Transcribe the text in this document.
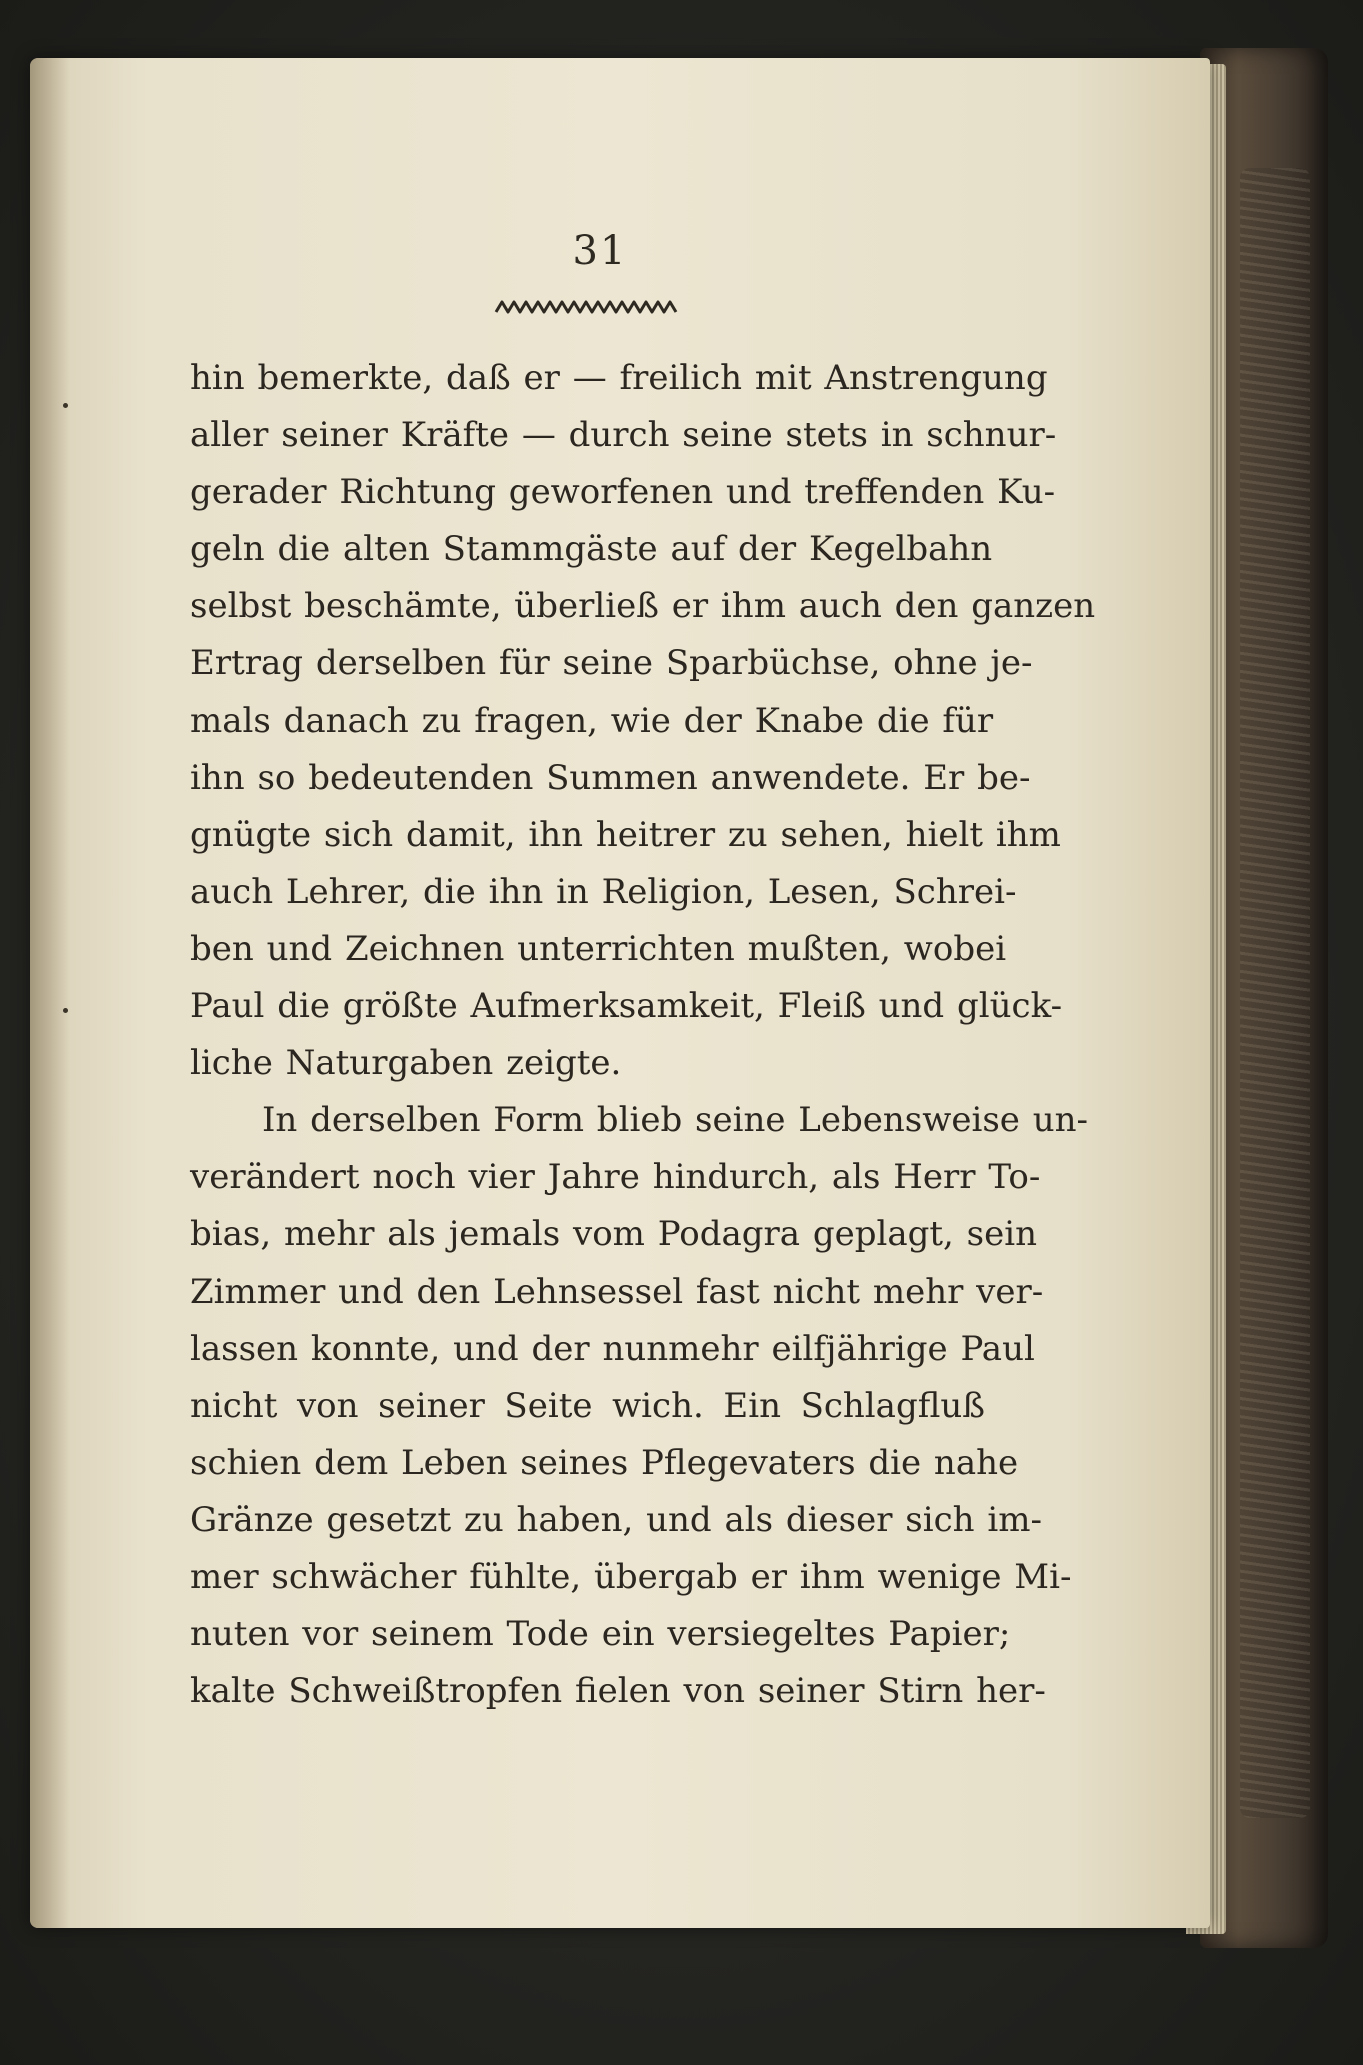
31
hin bemerkte, daß er — freilich mit Anstrengung
aller seiner Kräfte — durch seine stets in schnur-
gerader Richtung geworfenen und treffenden Ku-
geln die alten Stammgäste auf der Kegelbahn
selbst beschämte, überließ er ihm auch den ganzen
Ertrag derselben für seine Sparbüchse, ohne je-
mals danach zu fragen, wie der Knabe die für
ihn so bedeutenden Summen anwendete. Er be-
gnügte sich damit, ihn heitrer zu sehen, hielt ihm
auch Lehrer, die ihn in Religion, Lesen, Schrei-
ben und Zeichnen unterrichten mußten, wobei
Paul die größte Aufmerksamkeit, Fleiß und glück-
liche Naturgaben zeigte.
In derselben Form blieb seine Lebensweise un-
verändert noch vier Jahre hindurch, als Herr To-
bias, mehr als jemals vom Podagra geplagt, sein
Zimmer und den Lehnsessel fast nicht mehr ver-
lassen konnte, und der nunmehr eilfjährige Paul
nicht von seiner Seite wich. Ein Schlagfluß
schien dem Leben seines Pflegevaters die nahe
Gränze gesetzt zu haben, und als dieser sich im-
mer schwächer fühlte, übergab er ihm wenige Mi-
nuten vor seinem Tode ein versiegeltes Papier;
kalte Schweißtropfen fielen von seiner Stirn her-
